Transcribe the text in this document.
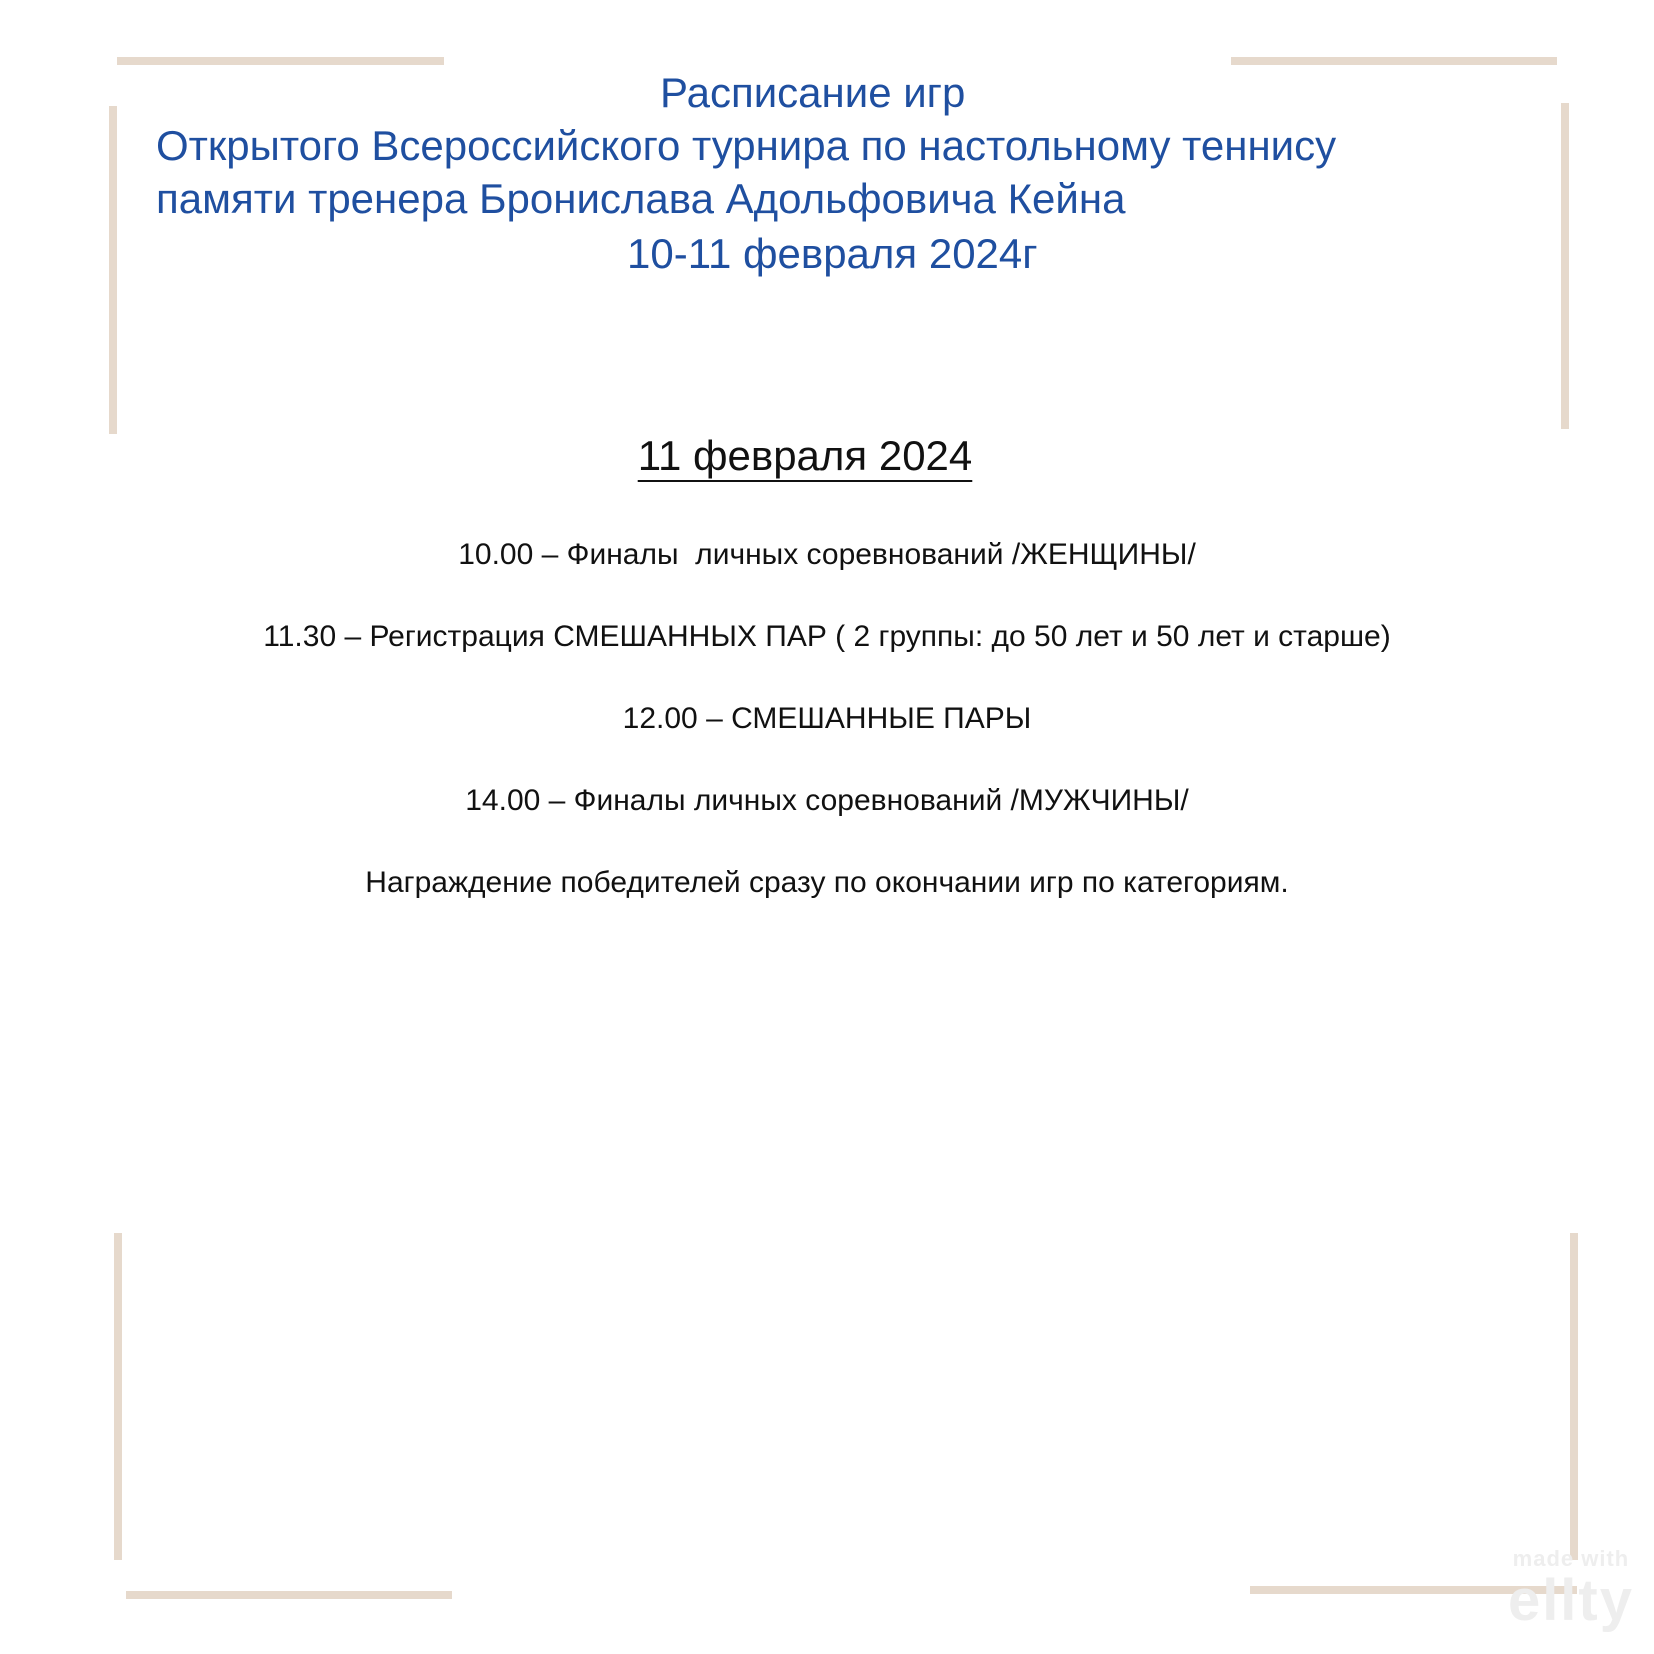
Расписание игр
Открытого Всероссийского турнира по настольному теннису
памяти тренера Бронислава Адольфовича Кейна
10-11 февраля 2024г
11 февраля 2024
10.00 – Финалы  личных соревнований /ЖЕНЩИНЫ/
11.30 – Регистрация СМЕШАННЫХ ПАР ( 2 группы: до 50 лет и 50 лет и старше)
12.00 – СМЕШАННЫЕ ПАРЫ
14.00 – Финалы личных соревнований /МУЖЧИНЫ/
Награждение победителей сразу по окончании игр по категориям.
made with
ellty
